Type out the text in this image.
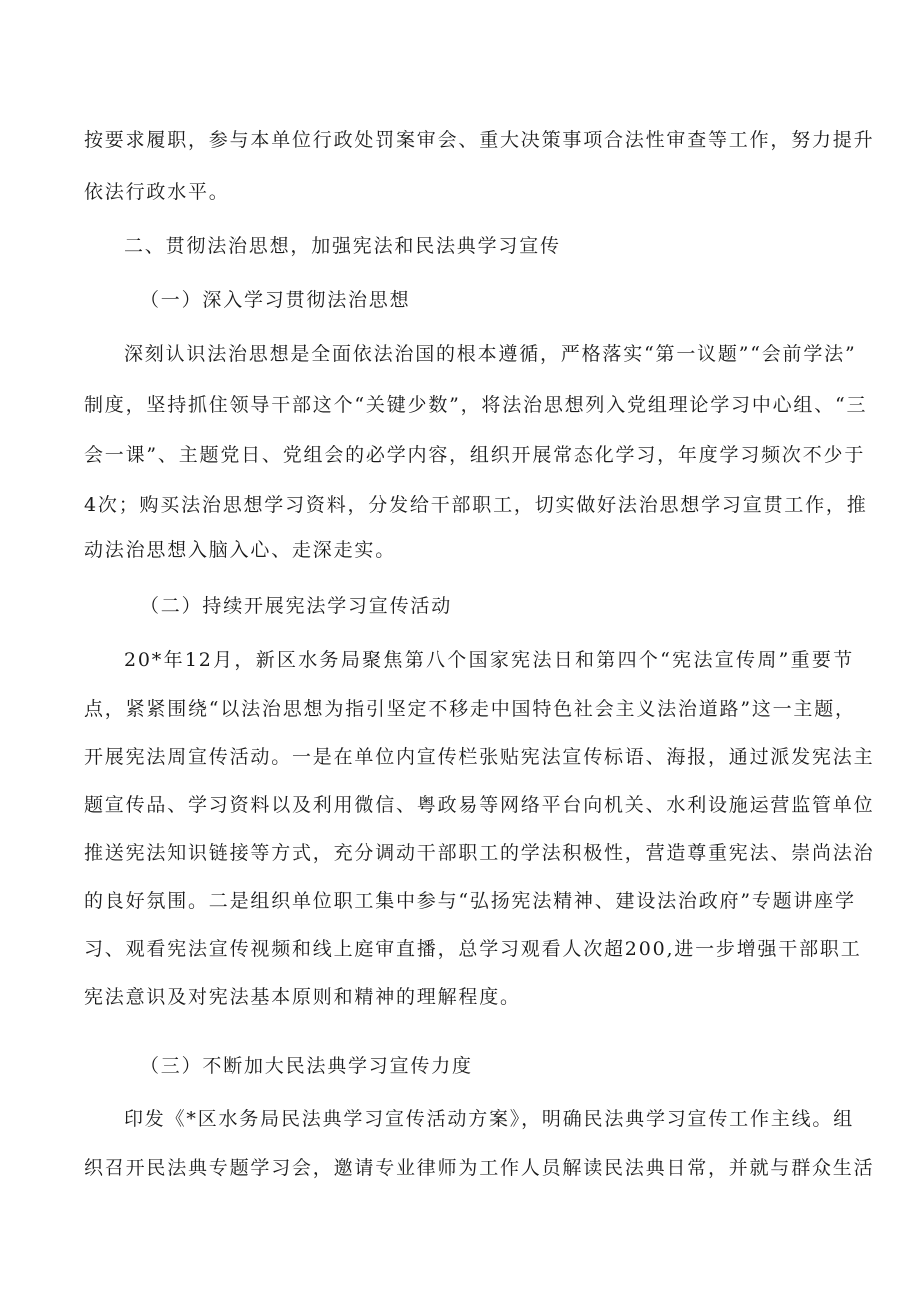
按要求履职，参与本单位行政处罚案审会、重大决策事项合法性审查等工作，努力提升
依法行政水平。
二、贯彻法治思想，加强宪法和民法典学习宣传
（一）深入学习贯彻法治思想
深刻认识法治思想是全面依法治国的根本遵循，严格落实“第一议题”“会前学法”
制度，坚持抓住领导干部这个“关键少数”，将法治思想列入党组理论学习中心组、“三
会一课”、主题党日、党组会的必学内容，组织开展常态化学习，年度学习频次不少于
4次；购买法治思想学习资料，分发给干部职工，切实做好法治思想学习宣贯工作，推
动法治思想入脑入心、走深走实。
（二）持续开展宪法学习宣传活动
20*年12月，新区水务局聚焦第八个国家宪法日和第四个“宪法宣传周”重要节
点，紧紧围绕“以法治思想为指引坚定不移走中国特色社会主义法治道路”这一主题，
开展宪法周宣传活动。一是在单位内宣传栏张贴宪法宣传标语、海报，通过派发宪法主
题宣传品、学习资料以及利用微信、粤政易等网络平台向机关、水利设施运营监管单位
推送宪法知识链接等方式，充分调动干部职工的学法积极性，营造尊重宪法、崇尚法治
的良好氛围。二是组织单位职工集中参与“弘扬宪法精神、建设法治政府”专题讲座学
习、观看宪法宣传视频和线上庭审直播，总学习观看人次超200,进一步增强干部职工
宪法意识及对宪法基本原则和精神的理解程度。
（三）不断加大民法典学习宣传力度
印发《*区水务局民法典学习宣传活动方案》，明确民法典学习宣传工作主线。组
织召开民法典专题学习会，邀请专业律师为工作人员解读民法典日常，并就与群众生活
